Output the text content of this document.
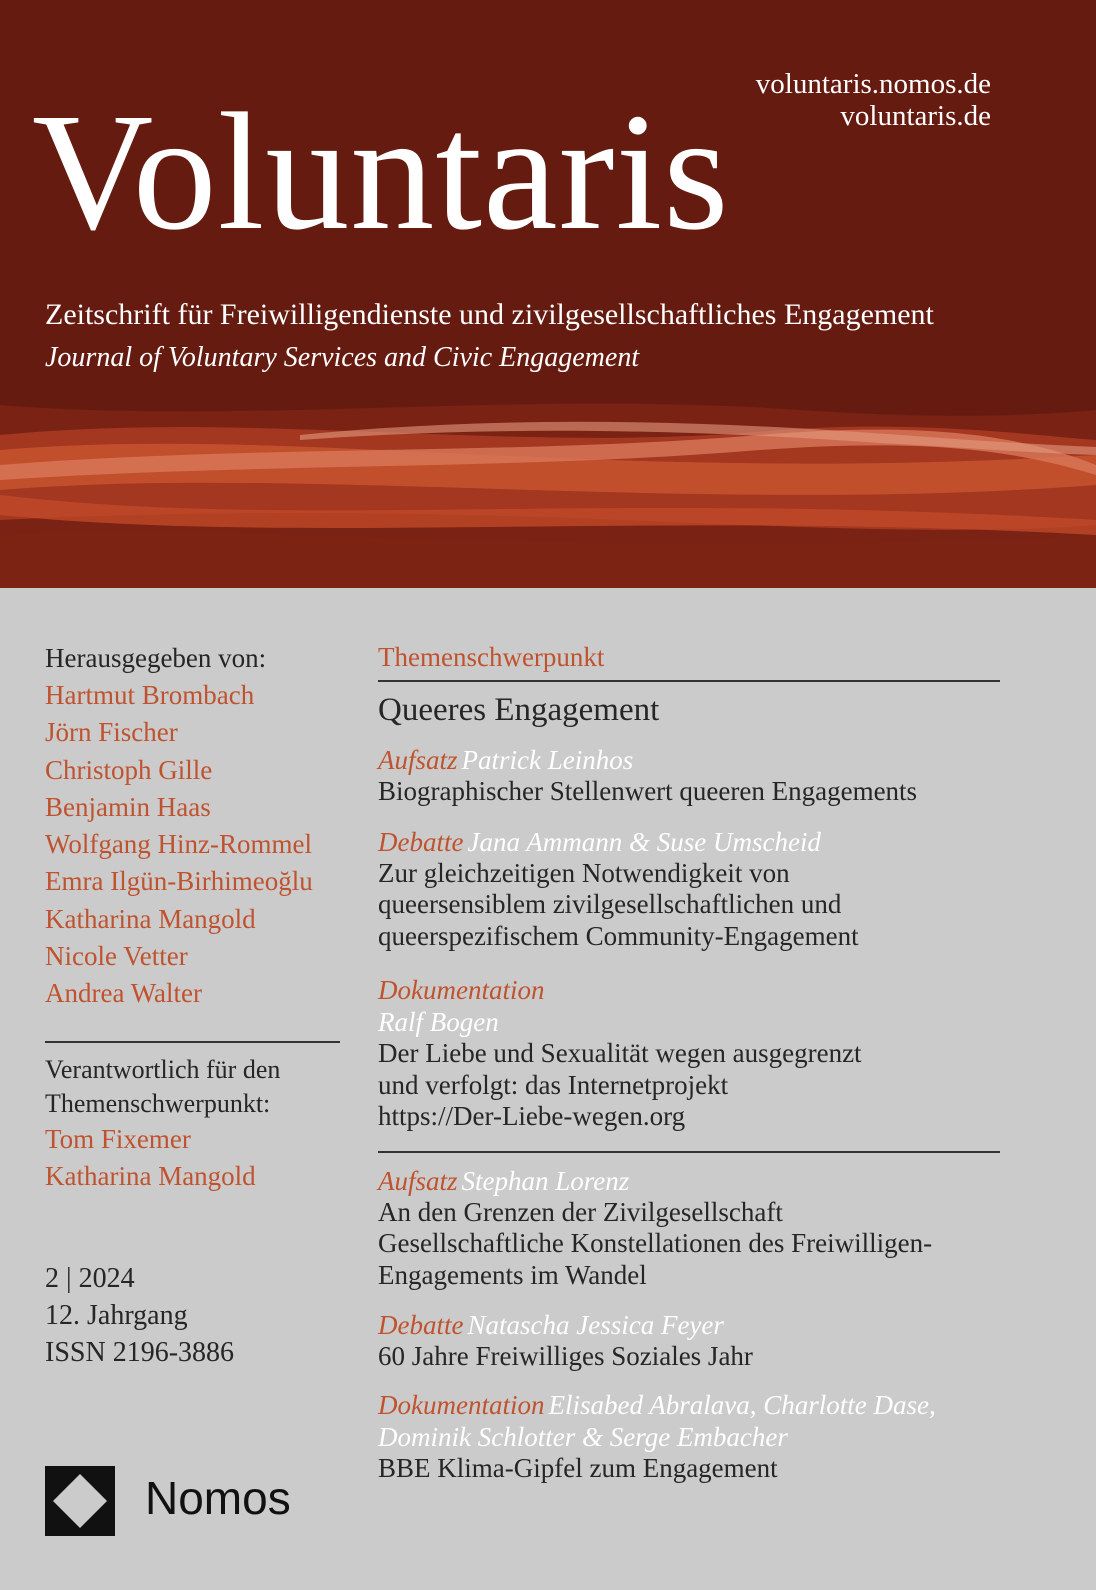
voluntaris.nomos.de
voluntaris.de
Voluntaris
Zeitschrift für Freiwilligendienste und zivilgesellschaftliches Engagement
Journal of Voluntary Services and Civic Engagement
Herausgegeben von:
Hartmut Brombach
Jörn Fischer
Christoph Gille
Benjamin Haas
Wolfgang Hinz-Rommel
Emra Ilgün-Birhimeoğlu
Katharina Mangold
Nicole Vetter
Andrea Walter
Verantwortlich für den
Themenschwerpunkt:
Tom Fixemer
Katharina Mangold
2 | 2024
12. Jahrgang
ISSN 2196-3886
Nomos
Themenschwerpunkt
Queeres Engagement
Aufsatz Patrick Leinhos
Biographischer Stellenwert queeren Engagements
Debatte Jana Ammann & Suse Umscheid
Zur gleichzeitigen Notwendigkeit von
queersensiblem zivilgesellschaftlichen und
queerspezifischem Community-Engagement
Dokumentation
Ralf Bogen
Der Liebe und Sexualität wegen ausgegrenzt
und verfolgt: das Internetprojekt
https://Der-Liebe-wegen.org
Aufsatz Stephan Lorenz
An den Grenzen der Zivilgesellschaft
Gesellschaftliche Konstellationen des Freiwilligen-
Engagements im Wandel
Debatte Natascha Jessica Feyer
60 Jahre Freiwilliges Soziales Jahr
Dokumentation Elisabed Abralava, Charlotte Dase,
Dominik Schlotter & Serge Embacher
BBE Klima-Gipfel zum Engagement
